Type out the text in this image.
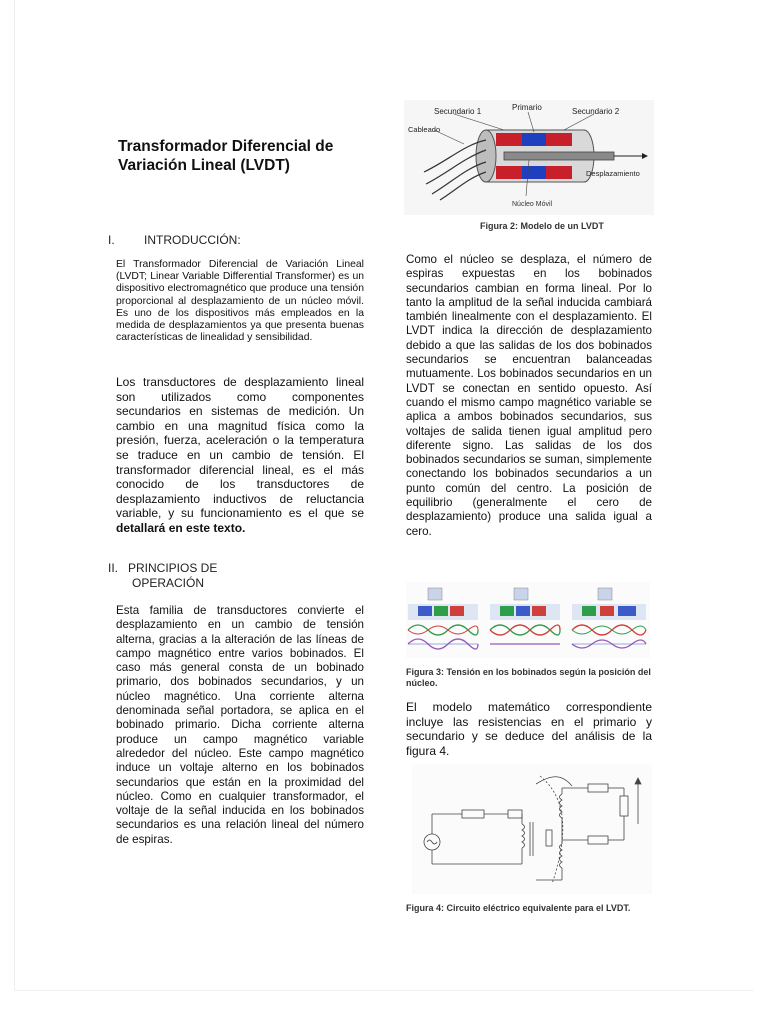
Transformador Diferencial de Variación Lineal (LVDT)
I. INTRODUCCIÓN:

El Transformador Diferencial de Variación Lineal (LVDT; Linear Variable Differential Transformer) es un dispositivo electromagnético que produce una tensión proporcional al desplazamiento de un núcleo móvil. Es uno de los dispositivos más empleados en la medida de desplazamientos ya que presenta buenas características de linealidad y sensibilidad.

Los transductores de desplazamiento lineal son utilizados como componentes secundarios en sistemas de medición. Un cambio en una magnitud física como la presión, fuerza, aceleración o la temperatura se traduce en un cambio de tensión. El transformador diferencial lineal, es el más conocido de los transductores de desplazamiento inductivos de reluctancia variable, y su funcionamiento es el que se detallará en este texto.

II. PRINCIPIOS DE
OPERACIÓN

Esta familia de transductores convierte el desplazamiento en un cambio de tensión alterna, gracias a la alteración de las líneas de campo magnético entre varios bobinados. El caso más general consta de un bobinado primario, dos bobinados secundarios, y un núcleo magnético. Una corriente alterna denominada señal portadora, se aplica en el bobinado primario. Dicha corriente alterna produce un campo magnético variable alrededor del núcleo. Este campo magnético induce un voltaje alterno en los bobinados secundarios que están en la proximidad del núcleo. Como en cualquier transformador, el voltaje de la señal inducida en los bobinados secundarios es una relación lineal del número de espiras.

Secundario 1	Primario	Secundario 2
Cableado
Desplazamiento
Núcleo Móvil
Figura 2: Modelo de un LVDT

Como el núcleo se desplaza, el número de espiras expuestas en los bobinados secundarios cambian en forma lineal. Por lo tanto la amplitud de la señal inducida cambiará también linealmente con el desplazamiento. El LVDT indica la dirección de desplazamiento debido a que las salidas de los dos bobinados secundarios se encuentran balanceadas mutuamente. Los bobinados secundarios en un LVDT se conectan en sentido opuesto. Así cuando el mismo campo magnético variable se aplica a ambos bobinados secundarios, sus voltajes de salida tienen igual amplitud pero diferente signo. Las salidas de los dos bobinados secundarios se suman, simplemente conectando los bobinados secundarios a un punto común del centro. La posición de equilibrio (generalmente el cero de desplazamiento) produce una salida igual a cero.

Figura 3: Tensión en los bobinados según la posición del núcleo.

El modelo matemático correspondiente incluye las resistencias en el primario y secundario y se deduce del análisis de la figura 4.

Figura 4: Circuito eléctrico equivalente para el LVDT.
